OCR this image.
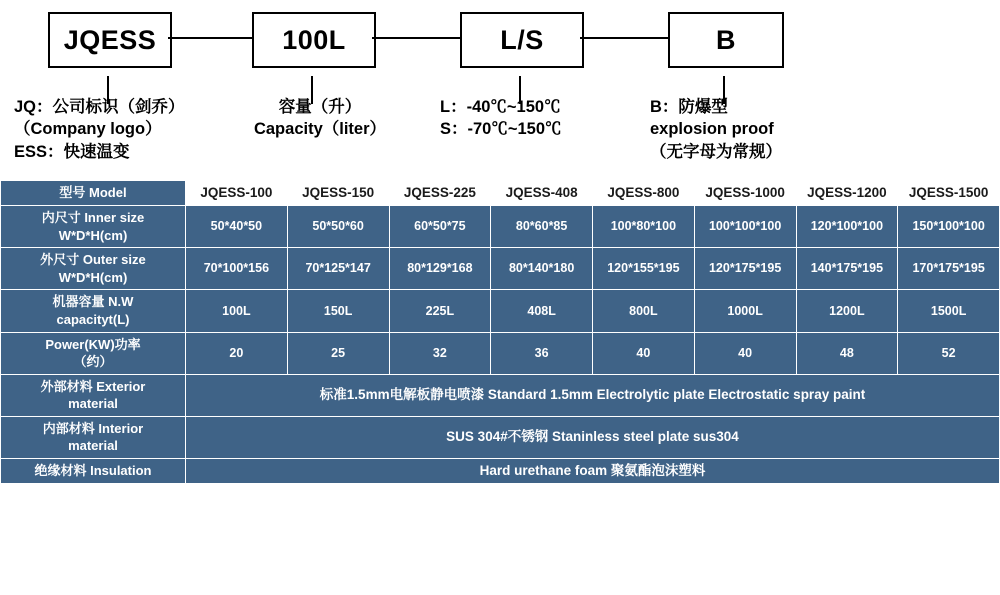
JQESS	100L	L/S	B
JQ：公司标识（剑乔）
（Company logo）
ESS：快速温变
容量（升）
Capacity（liter）
L：-40℃~150℃
S：-70℃~150℃
B：防爆型
explosion proof
（无字母为常规）
型号 Model	JQESS-100	JQESS-150	JQESS-225	JQESS-408	JQESS-800	JQESS-1000	JQESS-1200	JQESS-1500

内尺寸 Inner size
W*D*H(cm)	50*40*50	50*50*60	60*50*75	80*60*85	100*80*100	100*100*100	120*100*100	150*100*100

外尺寸 Outer size
W*D*H(cm)	70*100*156	70*125*147	80*129*168	80*140*180	120*155*195	120*175*195	140*175*195	170*175*195

机器容量 N.W
capacityt(L)	100L	150L	225L	408L	800L	1000L	1200L	1500L

Power(KW)功率
（约）	20	25	32	36	40	40	48	52

外部材料 Exterior
material	标准1.5mm电解板静电喷漆 Standard 1.5mm Electrolytic plate Electrostatic spray paint							

内部材料 Interior
material	SUS 304#不锈钢 Staninless steel plate sus304							
绝缘材料 Insulation	Hard urethane foam 聚氨酯泡沫塑料							
